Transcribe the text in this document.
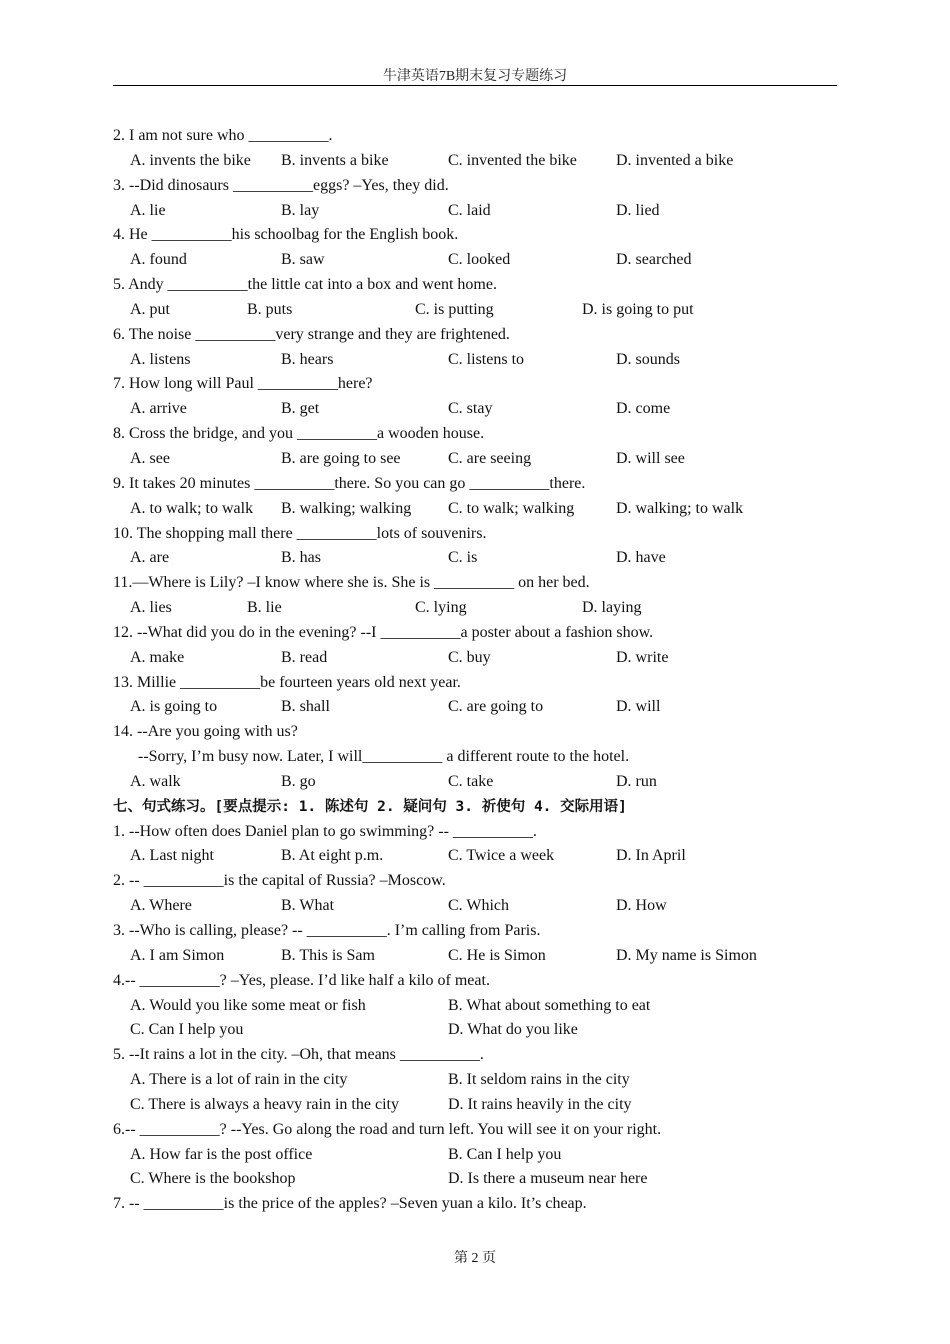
牛津英语7B期末复习专题练习
2. I am not sure who __________.
A. invents the bike B. invents a bike	C. invented the bike D. invented a bike
3. --Did dinosaurs __________eggs? –Yes, they did.
A. lie	B. lay	C. laid	D. lied
4. He __________his schoolbag for the English book.
A. found	B. saw	C. looked	D. searched
5. Andy __________the little cat into a box and went home.
A. put	B. puts	C. is putting	D. is going to put
6. The noise __________very strange and they are frightened.
A. listens	B. hears	C. listens to	D. sounds
7. How long will Paul __________here?
A. arrive	B. get	C. stay	D. come
8. Cross the bridge, and you __________a wooden house.
A. see	B. are going to see	C. are seeing	D. will see
9. It takes 20 minutes __________there. So you can go __________there.
A. to walk; to walk B. walking; walking C. to walk; walking	D. walking; to walk
10. The shopping mall there __________lots of souvenirs.
A. are	B. has	C. is	D. have
11.—Where is Lily? –I know where she is. She is __________ on her bed.
A. lies	B. lie	C. lying	D. laying
12. --What did you do in the evening? --I __________a poster about a fashion show.
A. make	B. read	C. buy	D. write
13. Millie __________be fourteen years old next year.
A. is going to	B. shall	C. are going to	D. will
14. --Are you going with us?
--Sorry, I’m busy now. Later, I will__________ a different route to the hotel.
A. walk	B. go	C. take	D. run
七、句式练习。[要点提示: 1. 陈述句 2. 疑问句 3. 祈使句 4. 交际用语]
1. --How often does Daniel plan to go swimming? -- __________.
A. Last night	B. At eight p.m.	C. Twice a week	D. In April
2. -- __________is the capital of Russia? –Moscow.
A. Where	B. What	C. Which	D. How
3. --Who is calling, please? -- __________. I’m calling from Paris.
A. I am Simon	B. This is Sam	C. He is Simon	D. My name is Simon
4.-- __________? –Yes, please. I’d like half a kilo of meat.
A. Would you like some meat or fish	B. What about something to eat
C. Can I help you	D. What do you like
5. --It rains a lot in the city. –Oh, that means __________.
A. There is a lot of rain in the city	B. It seldom rains in the city
C. There is always a heavy rain in the city	D. It rains heavily in the city
6.-- __________? --Yes. Go along the road and turn left. You will see it on your right.
A. How far is the post office	B. Can I help you
C. Where is the bookshop	D. Is there a museum near here
7. -- __________is the price of the apples? –Seven yuan a kilo. It’s cheap.
第 2 页
